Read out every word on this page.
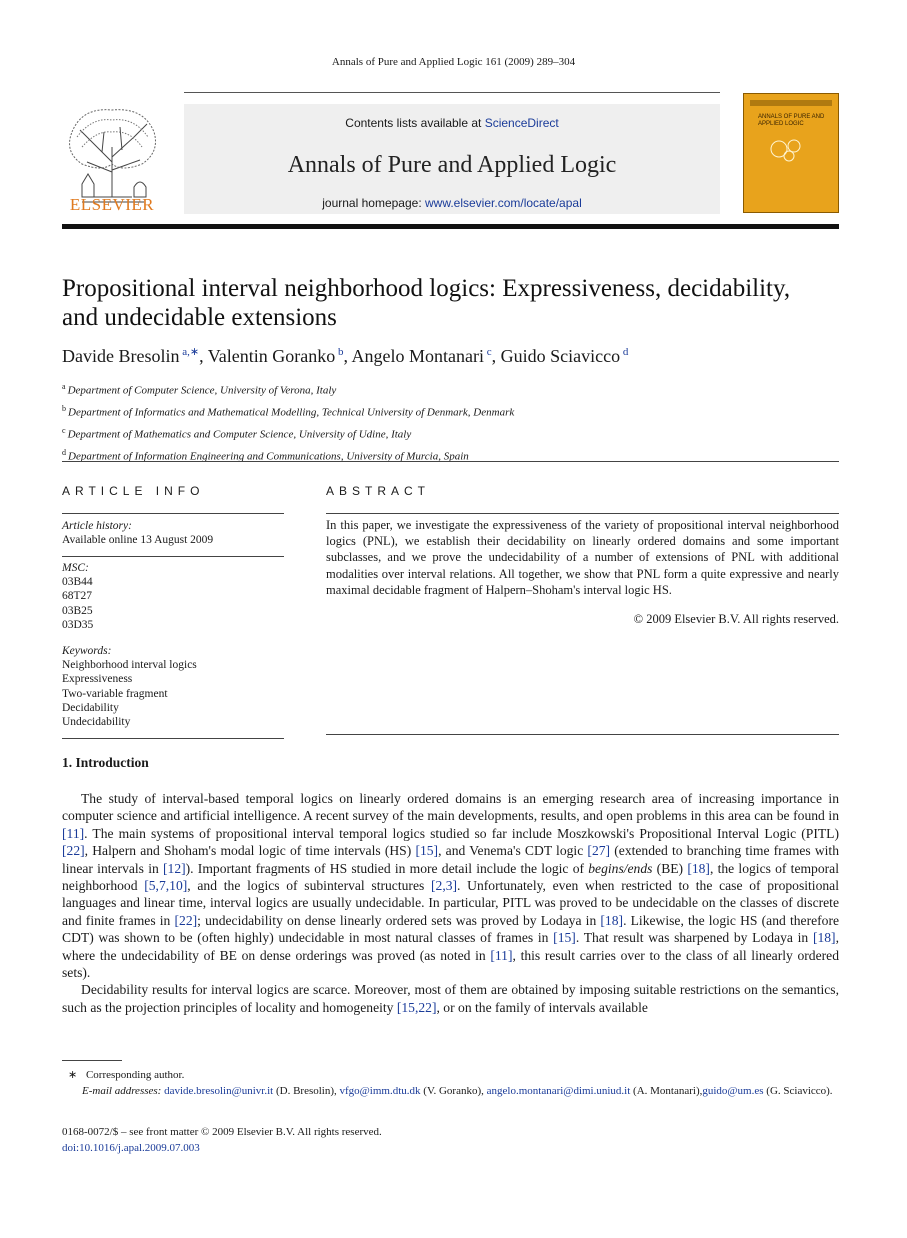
Annals of Pure and Applied Logic 161 (2009) 289–304
ELSEVIER
Contents lists available at ScienceDirect
Annals of Pure and Applied Logic
journal homepage: www.elsevier.com/locate/apal
ANNALS OF PURE AND APPLIED LOGIC
Propositional interval neighborhood logics: Expressiveness, decidability,
and undecidable extensions
Davide Bresolin $^{a,∗}$, Valentin Goranko $^b$, Angelo Montanari $^c$, Guido Sciavicco $^d$
$^a$ Department of Computer Science, University of Verona, Italy
$^b$ Department of Informatics and Mathematical Modelling, Technical University of Denmark, Denmark
$^c$ Department of Mathematics and Computer Science, University of Udine, Italy
$^d$ Department of Information Engineering and Communications, University of Murcia, Spain
ARTICLE INFO
Article history:
Available online 13 August 2009
MSC:
03B44
68T27
03B25
03D35
Keywords:
Neighborhood interval logics
Expressiveness
Two-variable fragment
Decidability
Undecidability
ABSTRACT
In this paper, we investigate the expressiveness of the variety of propositional interval neighborhood logics (PNL), we establish their decidability on linearly ordered domains and some important subclasses, and we prove the undecidability of a number of extensions of PNL with additional modalities over interval relations. All together, we show that PNL form a quite expressive and nearly maximal decidable fragment of Halpern–Shoham's interval logic HS.
© 2009 Elsevier B.V. All rights reserved.
1. Introduction

The study of interval-based temporal logics on linearly ordered domains is an emerging research area of increasing importance in computer science and artificial intelligence. A recent survey of the main developments, results, and open problems in this area can be found in [11]. The main systems of propositional interval temporal logics studied so far include Moszkowski's Propositional Interval Logic (PITL) [22], Halpern and Shoham's modal logic of time intervals (HS) [15], and Venema's CDT logic [27] (extended to branching time frames with linear intervals in [12]). Important fragments of HS studied in more detail include the logic of begins/ends (BE) [18], the logics of temporal neighborhood [5,7,10], and the logics of subinterval structures [2,3]. Unfortunately, even when restricted to the case of propositional languages and linear time, interval logics are usually undecidable. In particular, PITL was proved to be undecidable on the classes of discrete and finite frames in [22]; undecidability on dense linearly ordered sets was proved by Lodaya in [18]. Likewise, the logic HS (and therefore CDT) was shown to be (often highly) undecidable in most natural classes of frames in [15]. That result was sharpened by Lodaya in [18], where the undecidability of BE on dense orderings was proved (as noted in [11], this result carries over to the class of all linearly ordered sets).

Decidability results for interval logics are scarce. Moreover, most of them are obtained by imposing suitable restrictions on the semantics, such as the projection principles of locality and homogeneity [15,22], or on the family of intervals available

∗ Corresponding author.
E-mail addresses: davide.bresolin@univr.it (D. Bresolin), vfgo@imm.dtu.dk (V. Goranko), angelo.montanari@dimi.uniud.it (A. Montanari),guido@um.es (G. Sciavicco).
0168-0072/$ – see front matter © 2009 Elsevier B.V. All rights reserved.
doi:10.1016/j.apal.2009.07.003
